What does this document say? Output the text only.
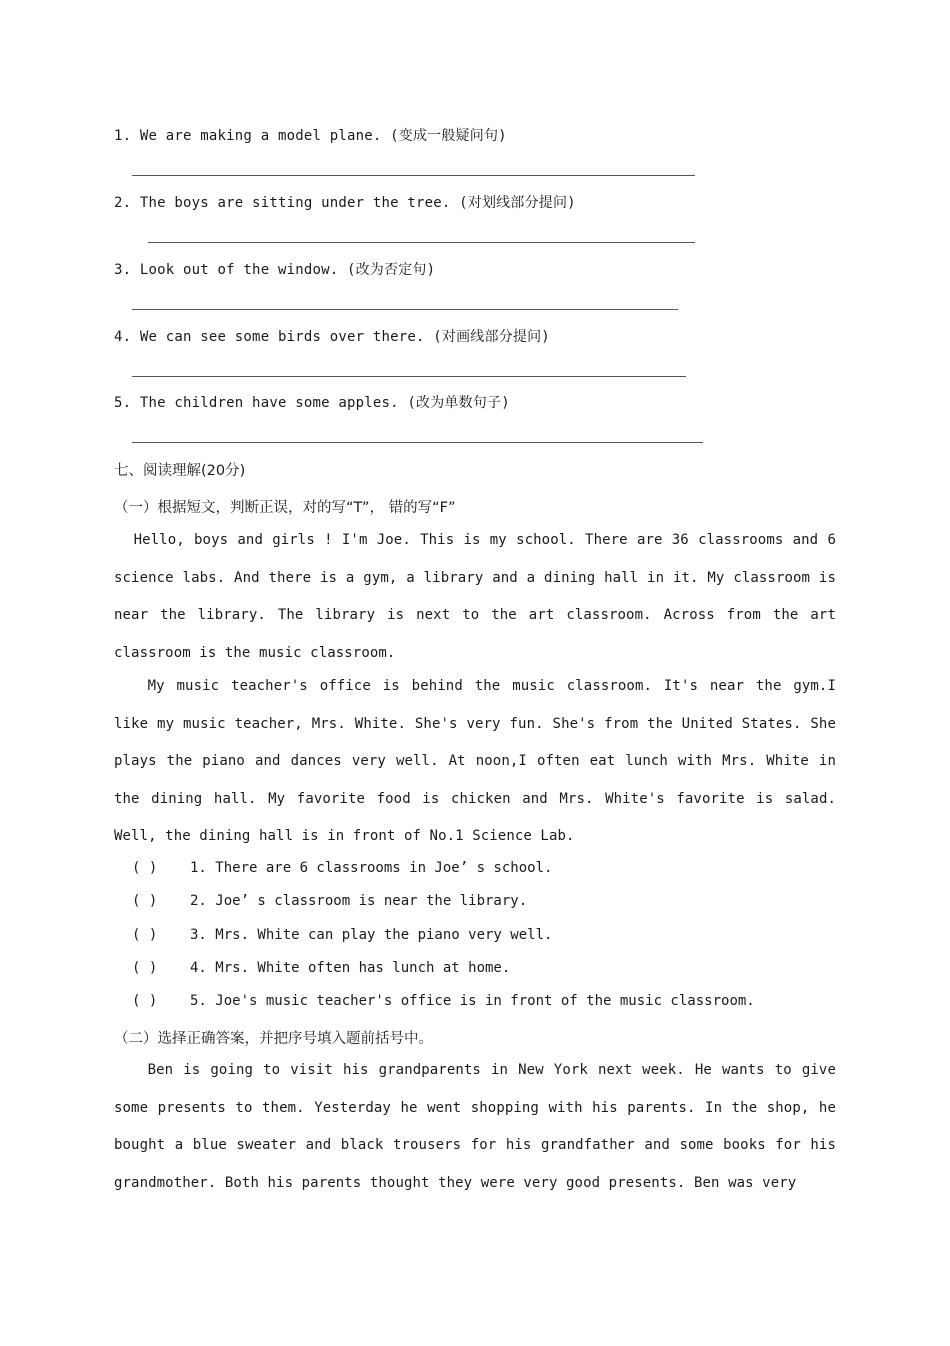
1. We are making a model plane. (变成一般疑问句)
2. The boys are sitting under the tree. (对划线部分提问)
3. Look out of the window. (改为否定句)
4. We can see some birds over there. (对画线部分提问)
5. The children have some apples. (改为单数句子)
七、阅读理解(20分)
（一）根据短文，判断正误，对的写“T”， 错的写“F”

Hello, boys and girls ! I'm Joe. This is my school. There are 36 classrooms and 6 science labs. And there is a gym, a library and a dining hall in it. My classroom is near the library. The library is next to the art classroom. Across from the art classroom is the music classroom.

My music teacher's office is behind the music classroom. It's near the gym.I like my music teacher, Mrs. White. She's very fun. She's from the United States. She plays the piano and dances very well. At noon,I often eat lunch with Mrs. White in the dining hall. My favorite food is chicken and Mrs. White's favorite is salad. Well, the dining hall is in front of No.1 Science Lab.

( ) 1. There are 6 classrooms in Joe’ s school.
( ) 2. Joe’ s classroom is near the library.
( ) 3. Mrs. White can play the piano very well.
( ) 4. Mrs. White often has lunch at home.
( ) 5. Joe's music teacher's office is in front of the music classroom.
（二）选择正确答案，并把序号填入题前括号中。

Ben is going to visit his grandparents in New York next week. He wants to give some presents to them. Yesterday he went shopping with his parents. In the shop, he bought a blue sweater and black trousers for his grandfather and some books for his grandmother. Both his parents thought they were very good presents. Ben was very
